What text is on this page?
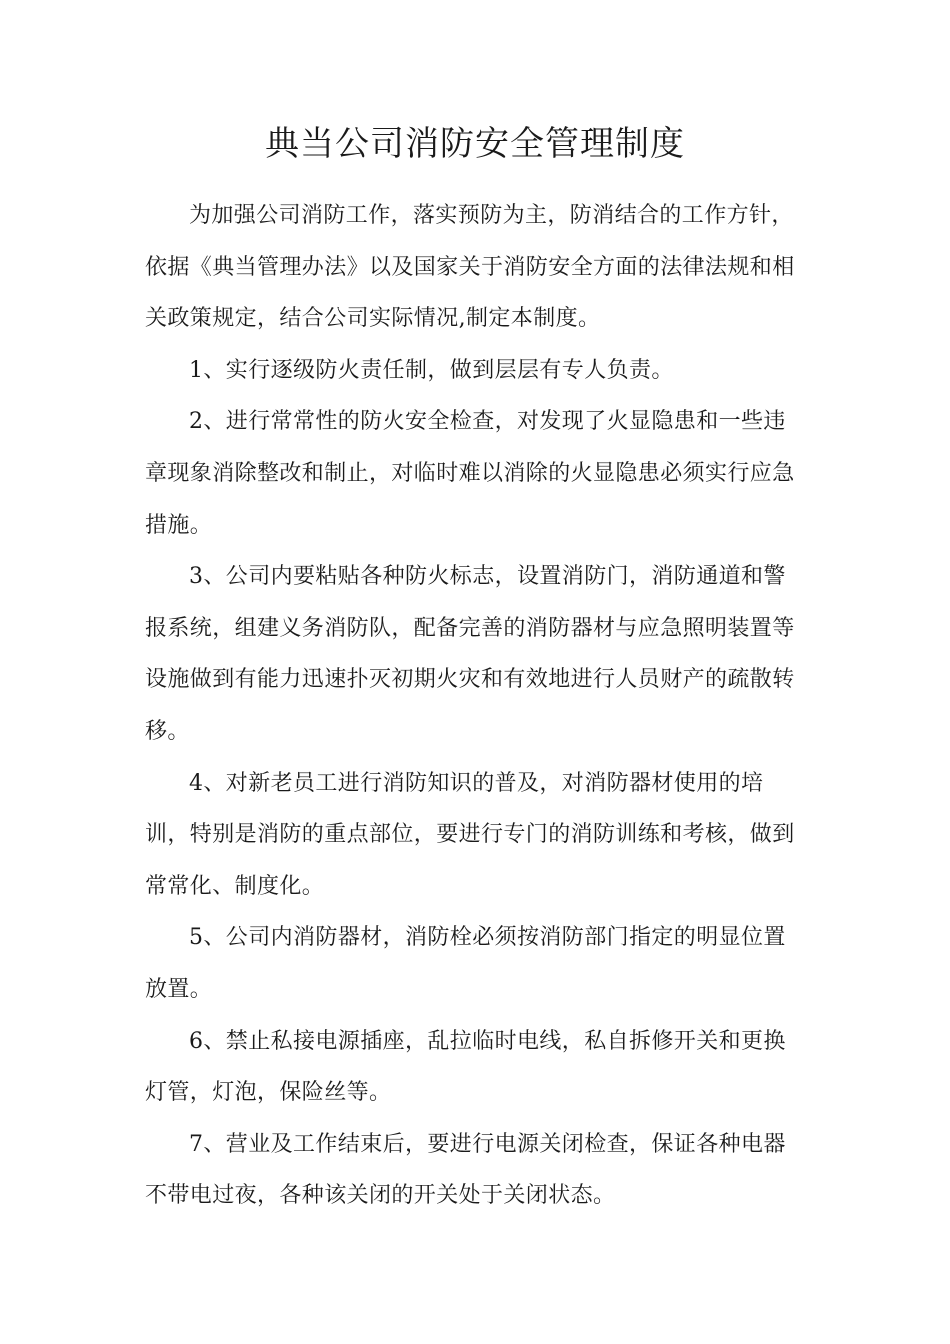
典当公司消防安全管理制度

为加强公司消防工作，落实预防为主，防消结合的工作方针，依据《典当管理办法》以及国家关于消防安全方面的法律法规和相关政策规定，结合公司实际情况,制定本制度。

1、实行逐级防火责任制，做到层层有专人负责。

2、进行常常性的防火安全检查，对发现了火显隐患和一些违章现象消除整改和制止，对临时难以消除的火显隐患必须实行应急措施。

3、公司内要粘贴各种防火标志，设置消防门，消防通道和警报系统，组建义务消防队，配备完善的消防器材与应急照明装置等设施做到有能力迅速扑灭初期火灾和有效地进行人员财产的疏散转移。

4、对新老员工进行消防知识的普及，对消防器材使用的培训，特别是消防的重点部位，要进行专门的消防训练和考核，做到常常化、制度化。

5、公司内消防器材，消防栓必须按消防部门指定的明显位置放置。

6、禁止私接电源插座，乱拉临时电线，私自拆修开关和更换灯管，灯泡，保险丝等。

7、营业及工作结束后，要进行电源关闭检查，保证各种电器不带电过夜，各种该关闭的开关处于关闭状态。
